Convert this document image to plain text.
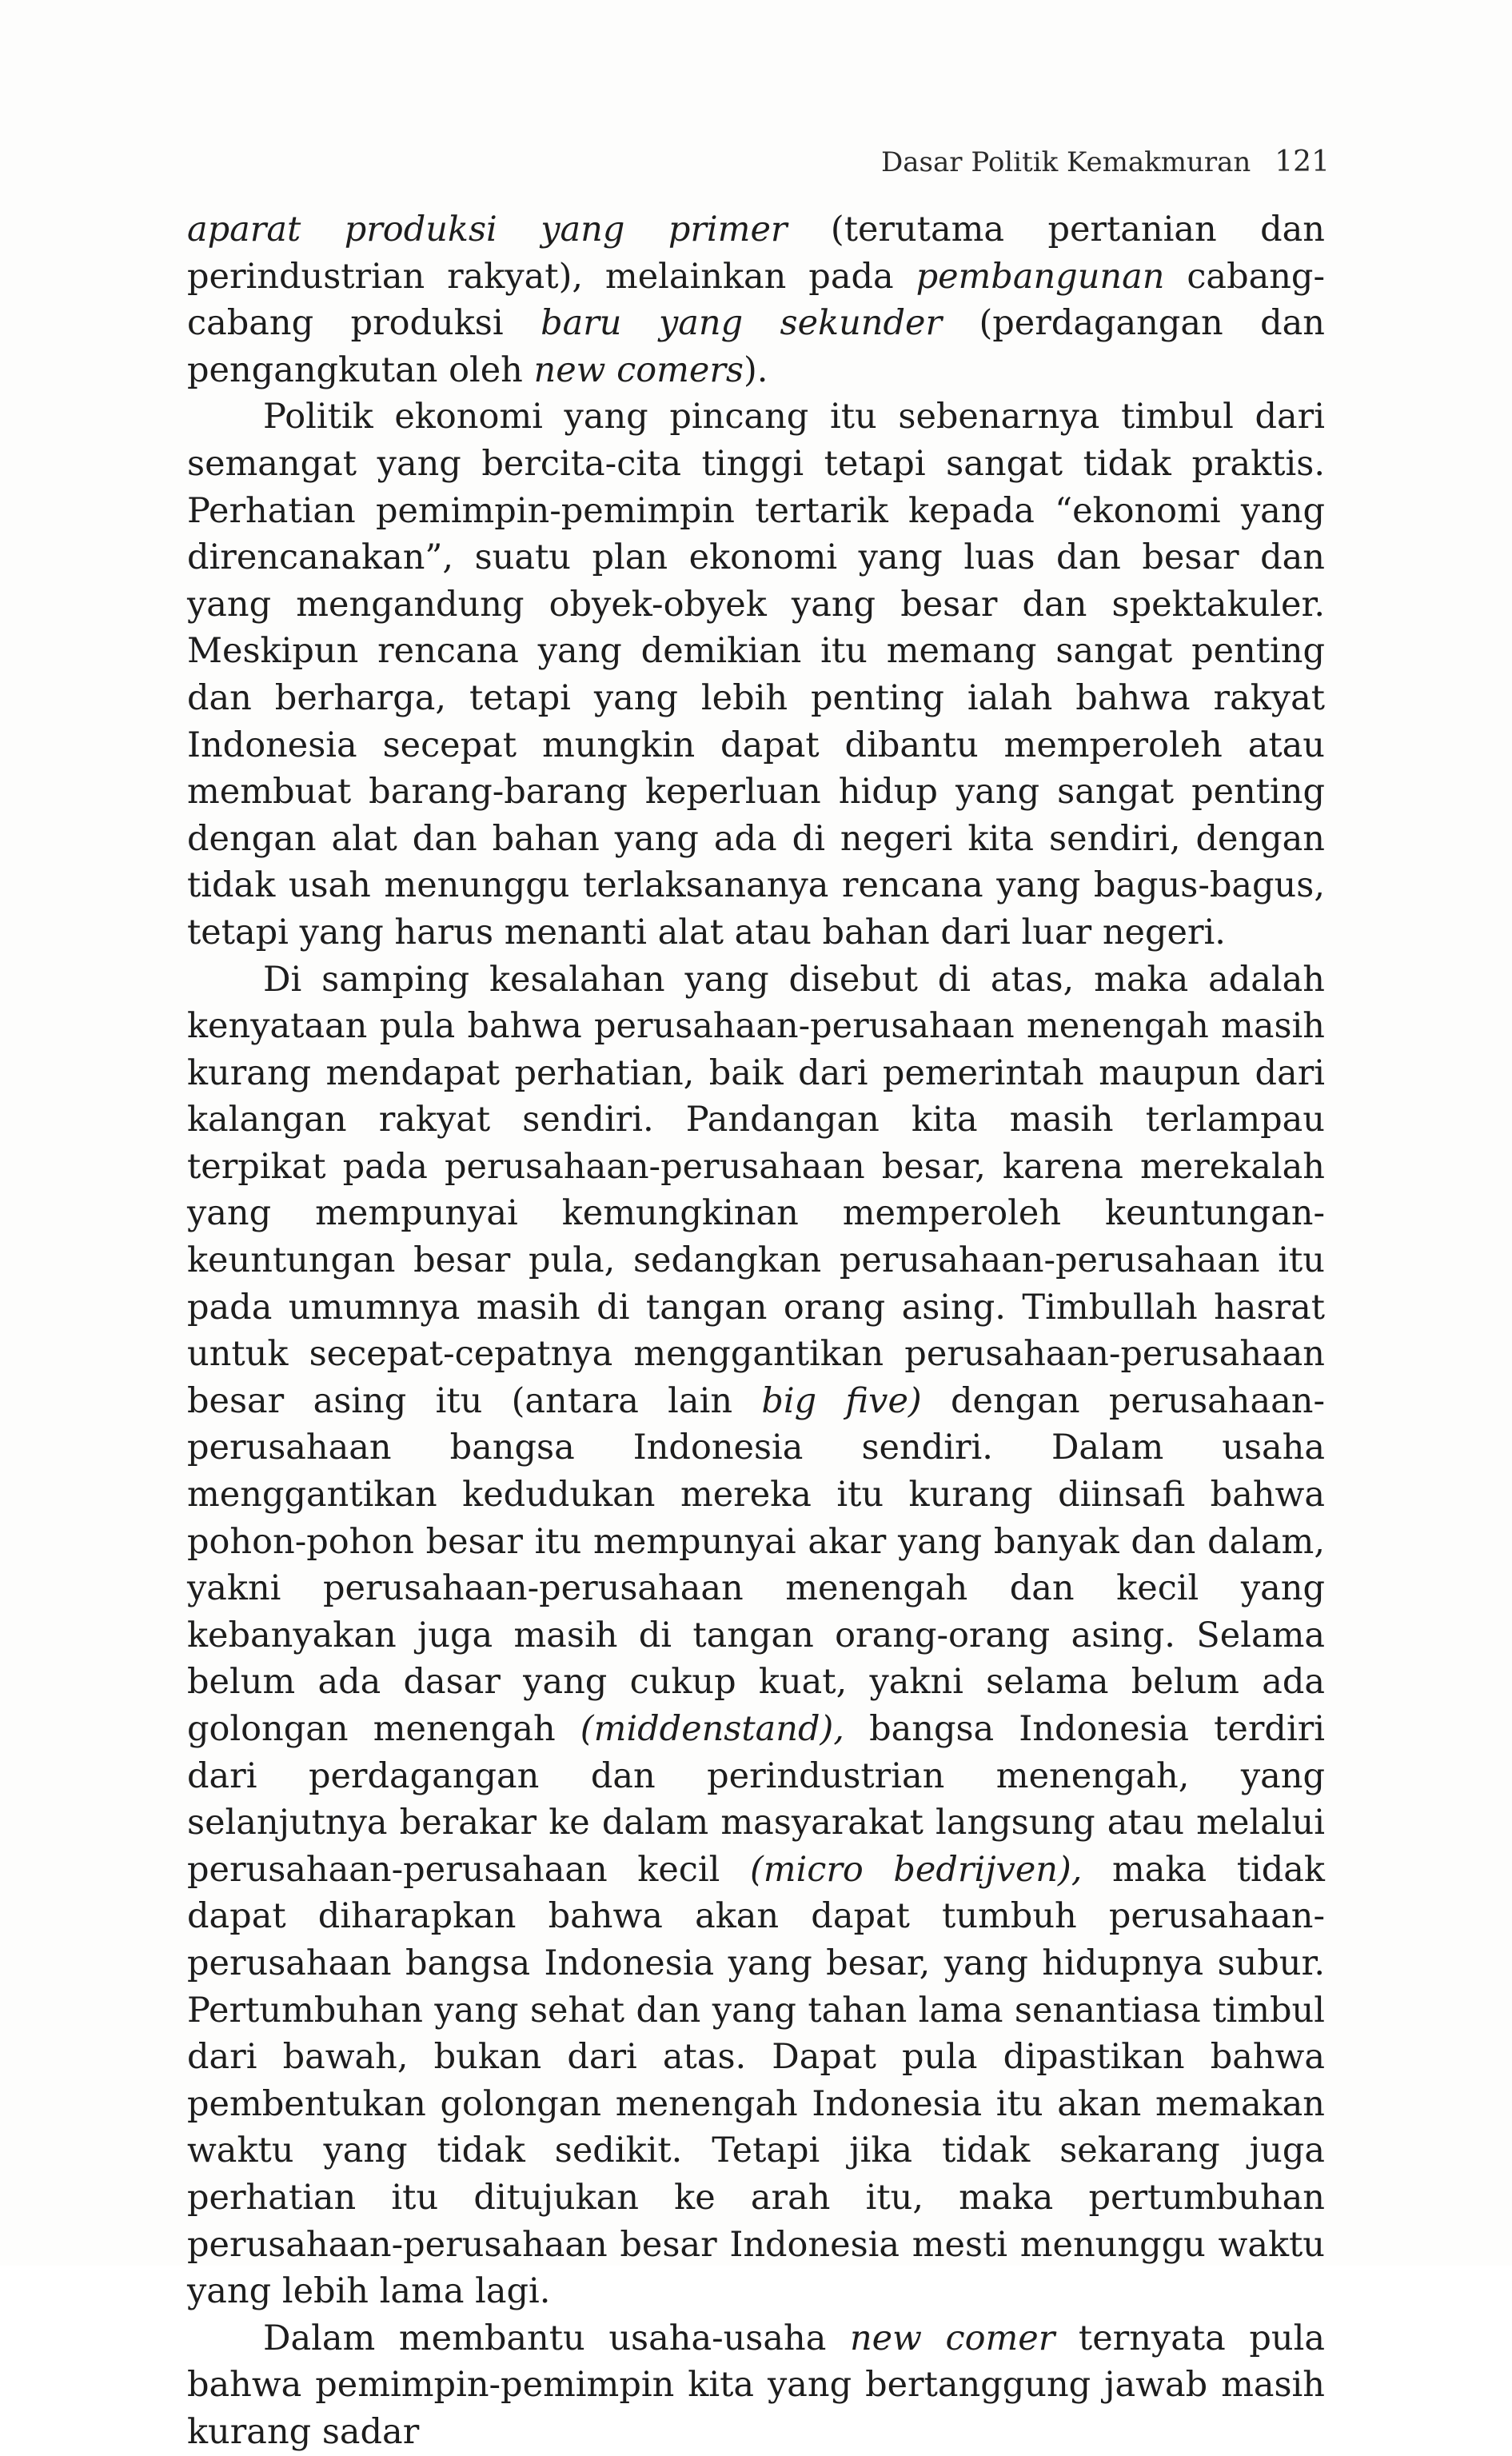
Dasar Politik Kemakmuran 121

aparat produksi yang primer (terutama pertanian dan perindustrian rakyat), melainkan pada pembangunan cabang-cabang produksi baru yang sekunder (perdagangan dan pengangkutan oleh new comers).

Politik ekonomi yang pincang itu sebenarnya timbul dari semangat yang bercita-cita tinggi tetapi sangat tidak praktis. Perhatian pemimpin-pemimpin tertarik kepada “ekonomi yang direncanakan”, suatu plan ekonomi yang luas dan besar dan yang mengandung obyek-obyek yang besar dan spektakuler. Meskipun rencana yang demikian itu memang sangat penting dan berharga, tetapi yang lebih penting ialah bahwa rakyat Indonesia secepat mungkin dapat dibantu memperoleh atau membuat barang-barang keperluan hidup yang sangat penting dengan alat dan bahan yang ada di negeri kita sendiri, dengan tidak usah menunggu terlaksananya rencana yang bagus-bagus, tetapi yang harus menanti alat atau bahan dari luar negeri.

Di samping kesalahan yang disebut di atas, maka adalah kenyataan pula bahwa perusahaan-perusahaan menengah masih kurang mendapat perhatian, baik dari pemerintah maupun dari kalangan rakyat sendiri. Pandangan kita masih terlampau terpikat pada perusahaan-perusahaan besar, karena merekalah yang mempunyai kemungkinan memperoleh keuntungan-keuntungan besar pula, sedangkan perusahaan-perusahaan itu pada umumnya masih di tangan orang asing. Timbullah hasrat untuk secepat-cepatnya menggantikan perusahaan-perusahaan besar asing itu (antara lain big five) dengan perusahaan-perusahaan bangsa Indonesia sendiri. Dalam usaha menggantikan kedudukan mereka itu kurang diinsafi bahwa pohon-pohon besar itu mempunyai akar yang banyak dan dalam, yakni perusahaan-perusahaan menengah dan kecil yang kebanyakan juga masih di tangan orang-orang asing. Selama belum ada dasar yang cukup kuat, yakni selama belum ada golongan menengah (middenstand), bangsa Indonesia terdiri dari perdagangan dan perindustrian menengah, yang selanjutnya berakar ke dalam masyarakat langsung atau melalui perusahaan-perusahaan kecil (micro bedrijven), maka tidak dapat diharapkan bahwa akan dapat tumbuh perusahaan-perusahaan bangsa Indonesia yang besar, yang hidupnya subur. Pertumbuhan yang sehat dan yang tahan lama senantiasa timbul dari bawah, bukan dari atas. Dapat pula dipastikan bahwa pembentukan golongan menengah Indonesia itu akan memakan waktu yang tidak sedikit. Tetapi jika tidak sekarang juga perhatian itu ditujukan ke arah itu, maka pertumbuhan perusahaan-perusahaan besar Indonesia mesti menunggu waktu yang lebih lama lagi.

Dalam membantu usaha-usaha new comer ternyata pula bahwa pemimpin-pemimpin kita yang bertanggung jawab masih kurang sadar
